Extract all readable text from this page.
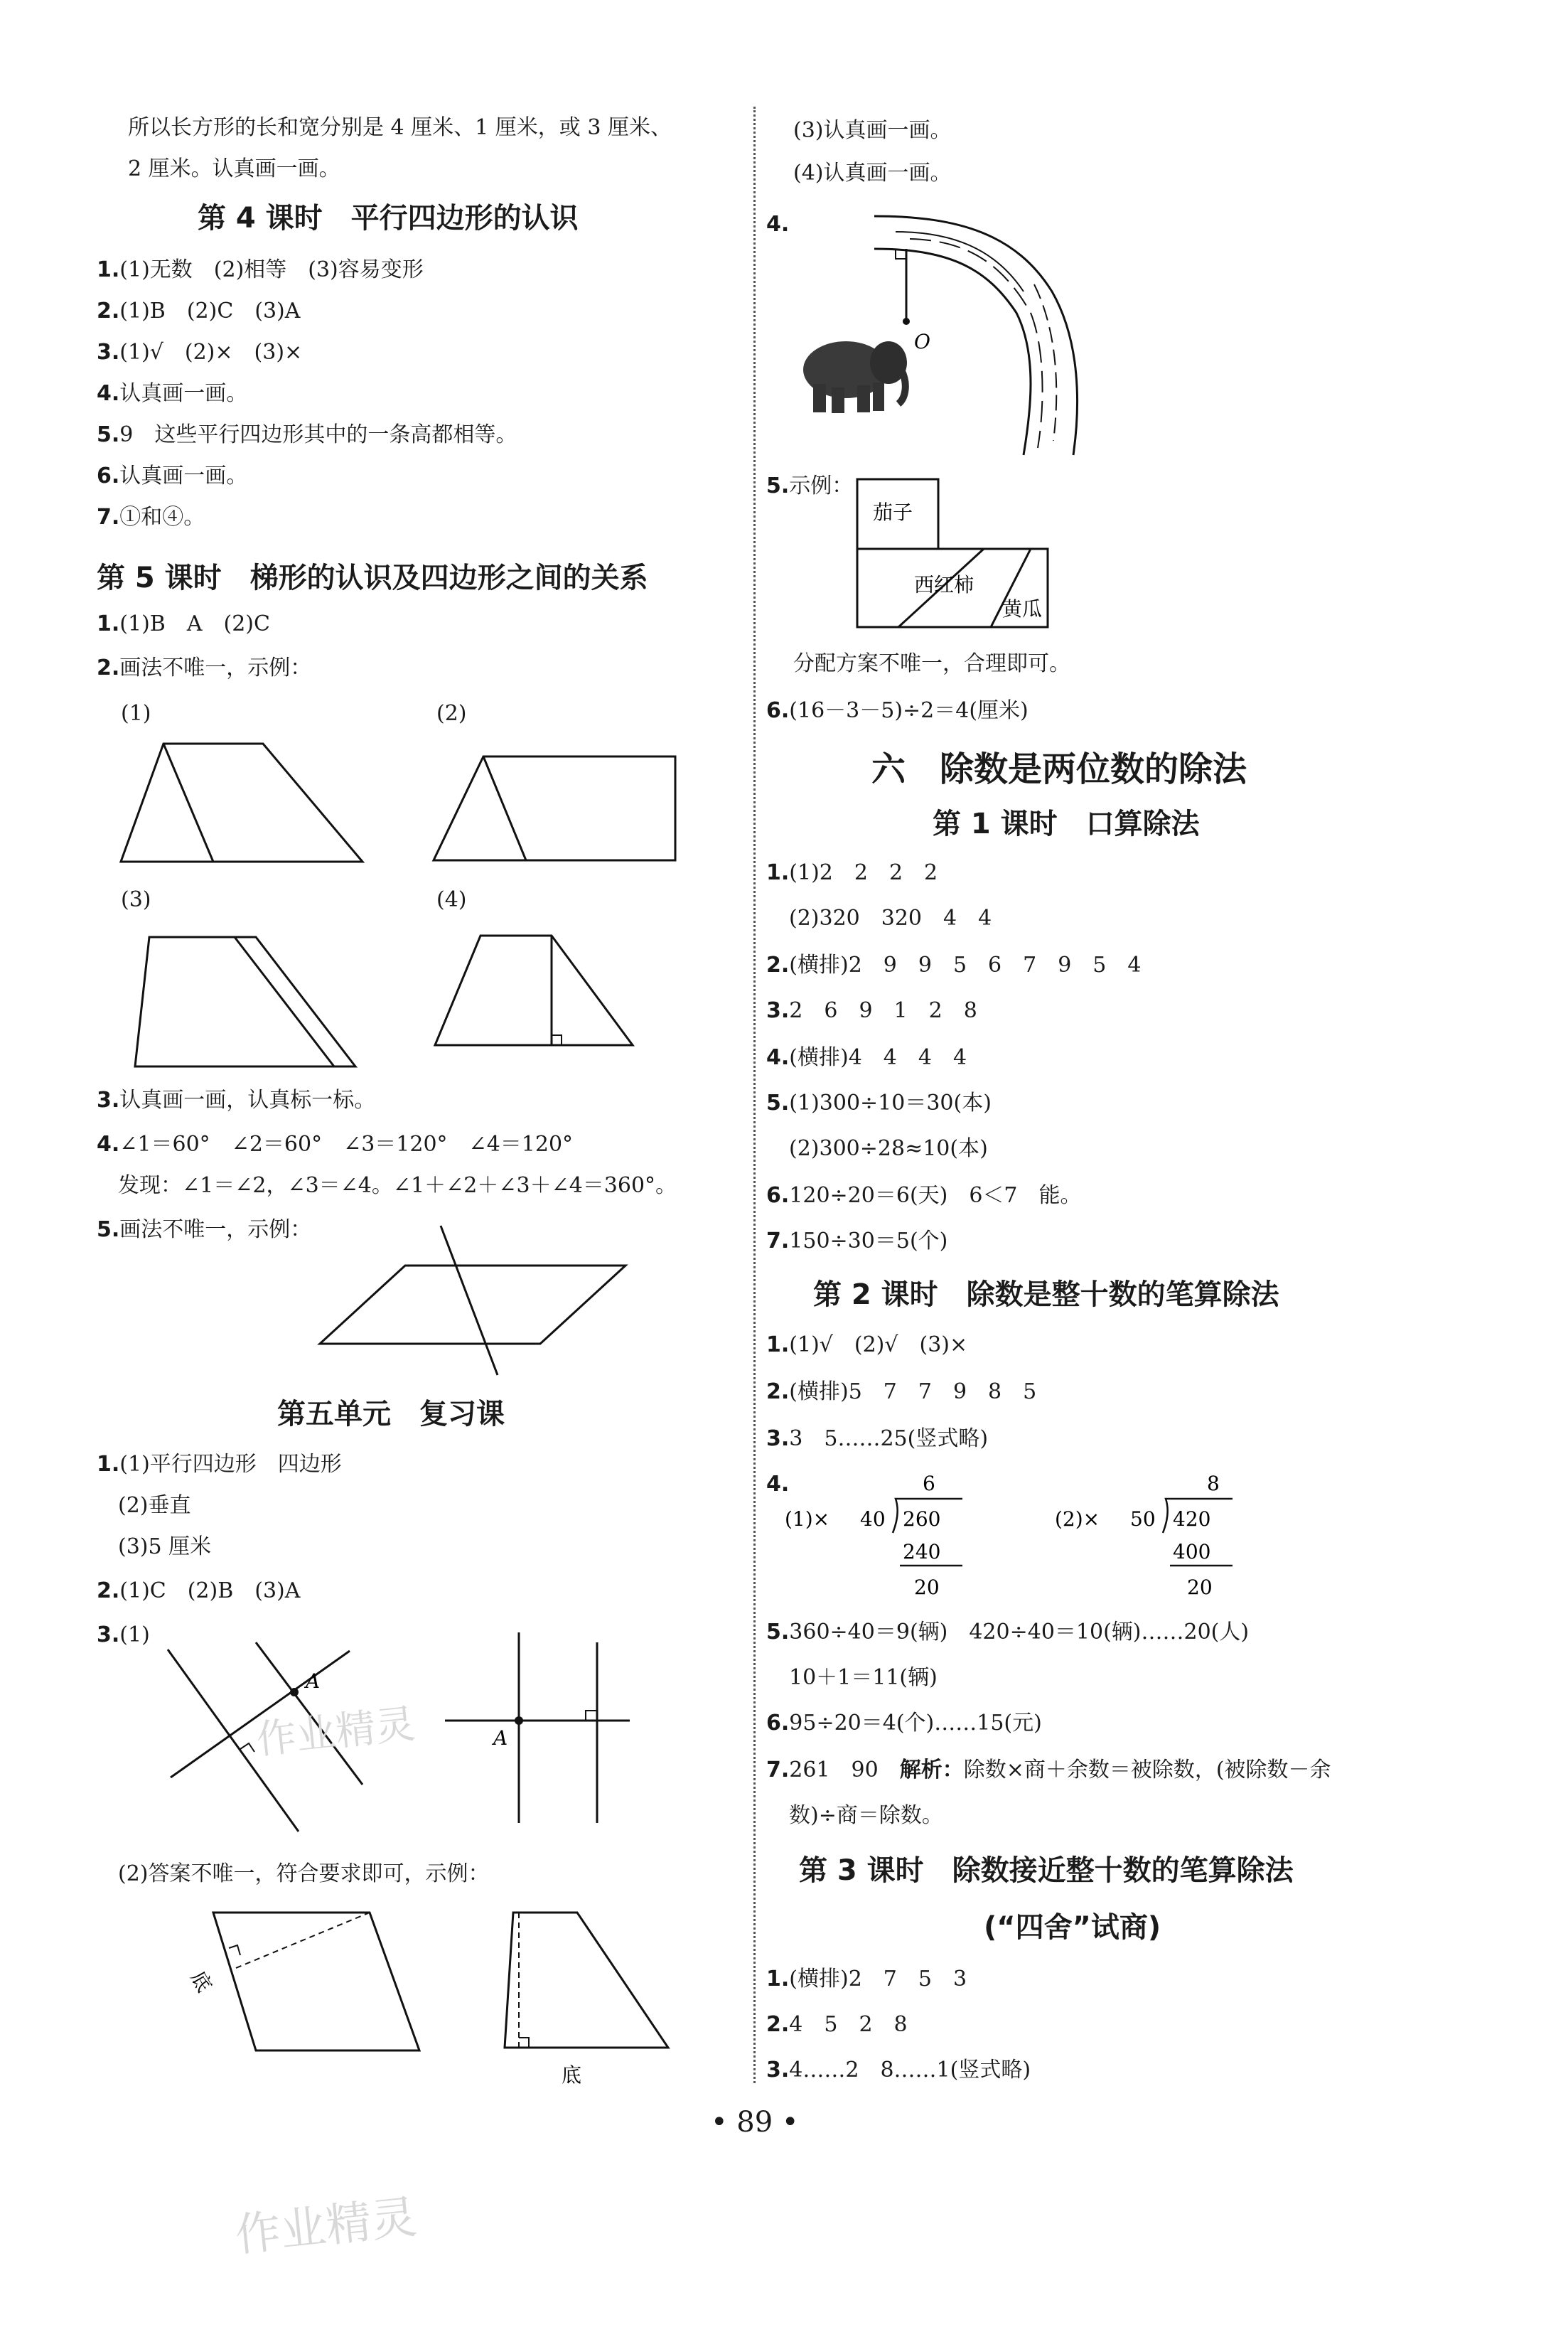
所以长方形的长和宽分别是 4 厘米、1 厘米，或 3 厘米、
2 厘米。认真画一画。
第 4 课时　平行四边形的认识
1.(1)无数　(2)相等　(3)容易变形
2.(1)B　(2)C　(3)A
3.(1)√　(2)×　(3)×
4.认真画一画。
5.9　这些平行四边形其中的一条高都相等。
6.认真画一画。
7.①和④。
第 5 课时　梯形的认识及四边形之间的关系
1.(1)B　A　(2)C
2.画法不唯一，示例：
(1)	(2)
(3)	(4)
3.认真画一画，认真标一标。
4.∠1＝60°　∠2＝60°　∠3＝120°　∠4＝120°
发现：∠1＝∠2，∠3＝∠4。∠1＋∠2＋∠3＋∠4＝360°。
5.画法不唯一，示例：
第五单元　复习课
1.(1)平行四边形　四边形
(2)垂直
(3)5 厘米
2.(1)C　(2)B　(3)A
3.(1)
A
A
(2)答案不唯一，符合要求即可，示例：
底
底
(3)认真画一画。
(4)认真画一画。
4.
O
5.示例：
茄子
西红柿
黄瓜
分配方案不唯一，合理即可。
6.(16－3－5)÷2＝4(厘米)
六　除数是两位数的除法
第 1 课时　口算除法
1.(1)2　2　2　2
(2)320　320　4　4
2.(横排)2　9　9　5　6　7　9　5　4
3.2　6　9　1　2　8
4.(横排)4　4　4　4
5.(1)300÷10＝30(本)
(2)300÷28≈10(本)
6.120÷20＝6(天)　6＜7　能。
7.150÷30＝5(个)
第 2 课时　除数是整十数的笔算除法
1.(1)√　(2)√　(3)×
2.(横排)5　7　7　9　8　5
3.3　5……25(竖式略)
4.
(1)× 40
6
260
240
20
(2)× 50
8
420
400
20
5.360÷40＝9(辆)　420÷40＝10(辆)……20(人)
10＋1＝11(辆)
6.95÷20＝4(个)……15(元)
7.261　90　解析：除数×商＋余数＝被除数，(被除数－余
数)÷商＝除数。
第 3 课时　除数接近整十数的笔算除法
(“四舍”试商)
1.(横排)2　7　5　3
2.4　5　2　8
3.4……2　8……1(竖式略)
• 89 •
作业精灵
作业精灵
